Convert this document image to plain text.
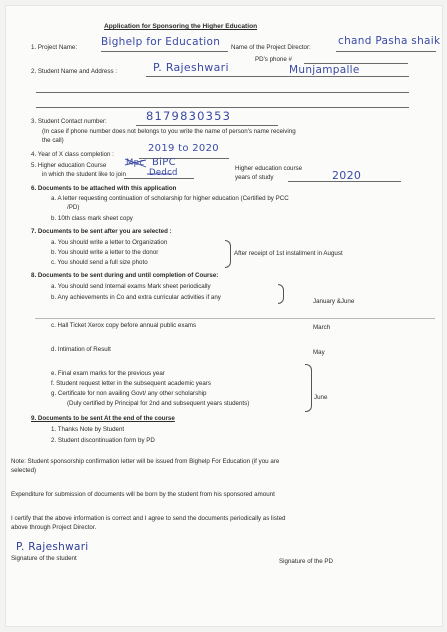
Application for Sponsoring the Higher Education
1. Project Name: Bighelp for Education Name of the Project Director:
chand Pasha shaik
PD's phone #
2. Student Name and Address :	P. Rajeshwari	Munjampalle
3. Student Contact number:	8179830353
(In case if phone number does not belongs to you write the name of person's name receiving
the call)
4. Year of X class completion :
2019 to 2020
5. Higher education Course
in which the student like to join
Mpc BiPC
Dedcd	Higher education course
years of study	2020
6. Documents to be attached with this application
a. A letter requesting continuation of scholarship for higher education (Certified by PCC
/PD)
b. 10th class mark sheet copy
7. Documents to be sent after you are selected :
a. You should write a letter to Organization
b. You should write a letter to the donor
c. You should send a full size photo
After receipt of 1st installment in August
8. Documents to be sent during and until completion of Course:
a. You should send Internal exams Mark sheet periodically
b. Any achievements in Co and extra curricular activities if any
January &June
c. Hall Ticket Xerox copy before annual public exams	March
d. Intimation of Result	May
e. Final exam marks for the previous year
f. Student request letter in the subsequent academic years
g. Certificate for non availing Govt/ any other scholarship
(Duly certified by Principal for 2nd and subsequent years students)
June
9. Documents to be sent At the end of the course
1. Thanks Note by Student
2. Student discontinuation form by PD
Note: Student sponsorship confirmation letter will be issued from Bighelp For Education (if you are
selected)
Expenditure for submission of documents will be born by the student from his sponsored amount
I certify that the above information is correct and I agree to send the documents periodically as listed
above through Project Director.
P. Rajeshwari
Signature of the student	Signature of the PD
